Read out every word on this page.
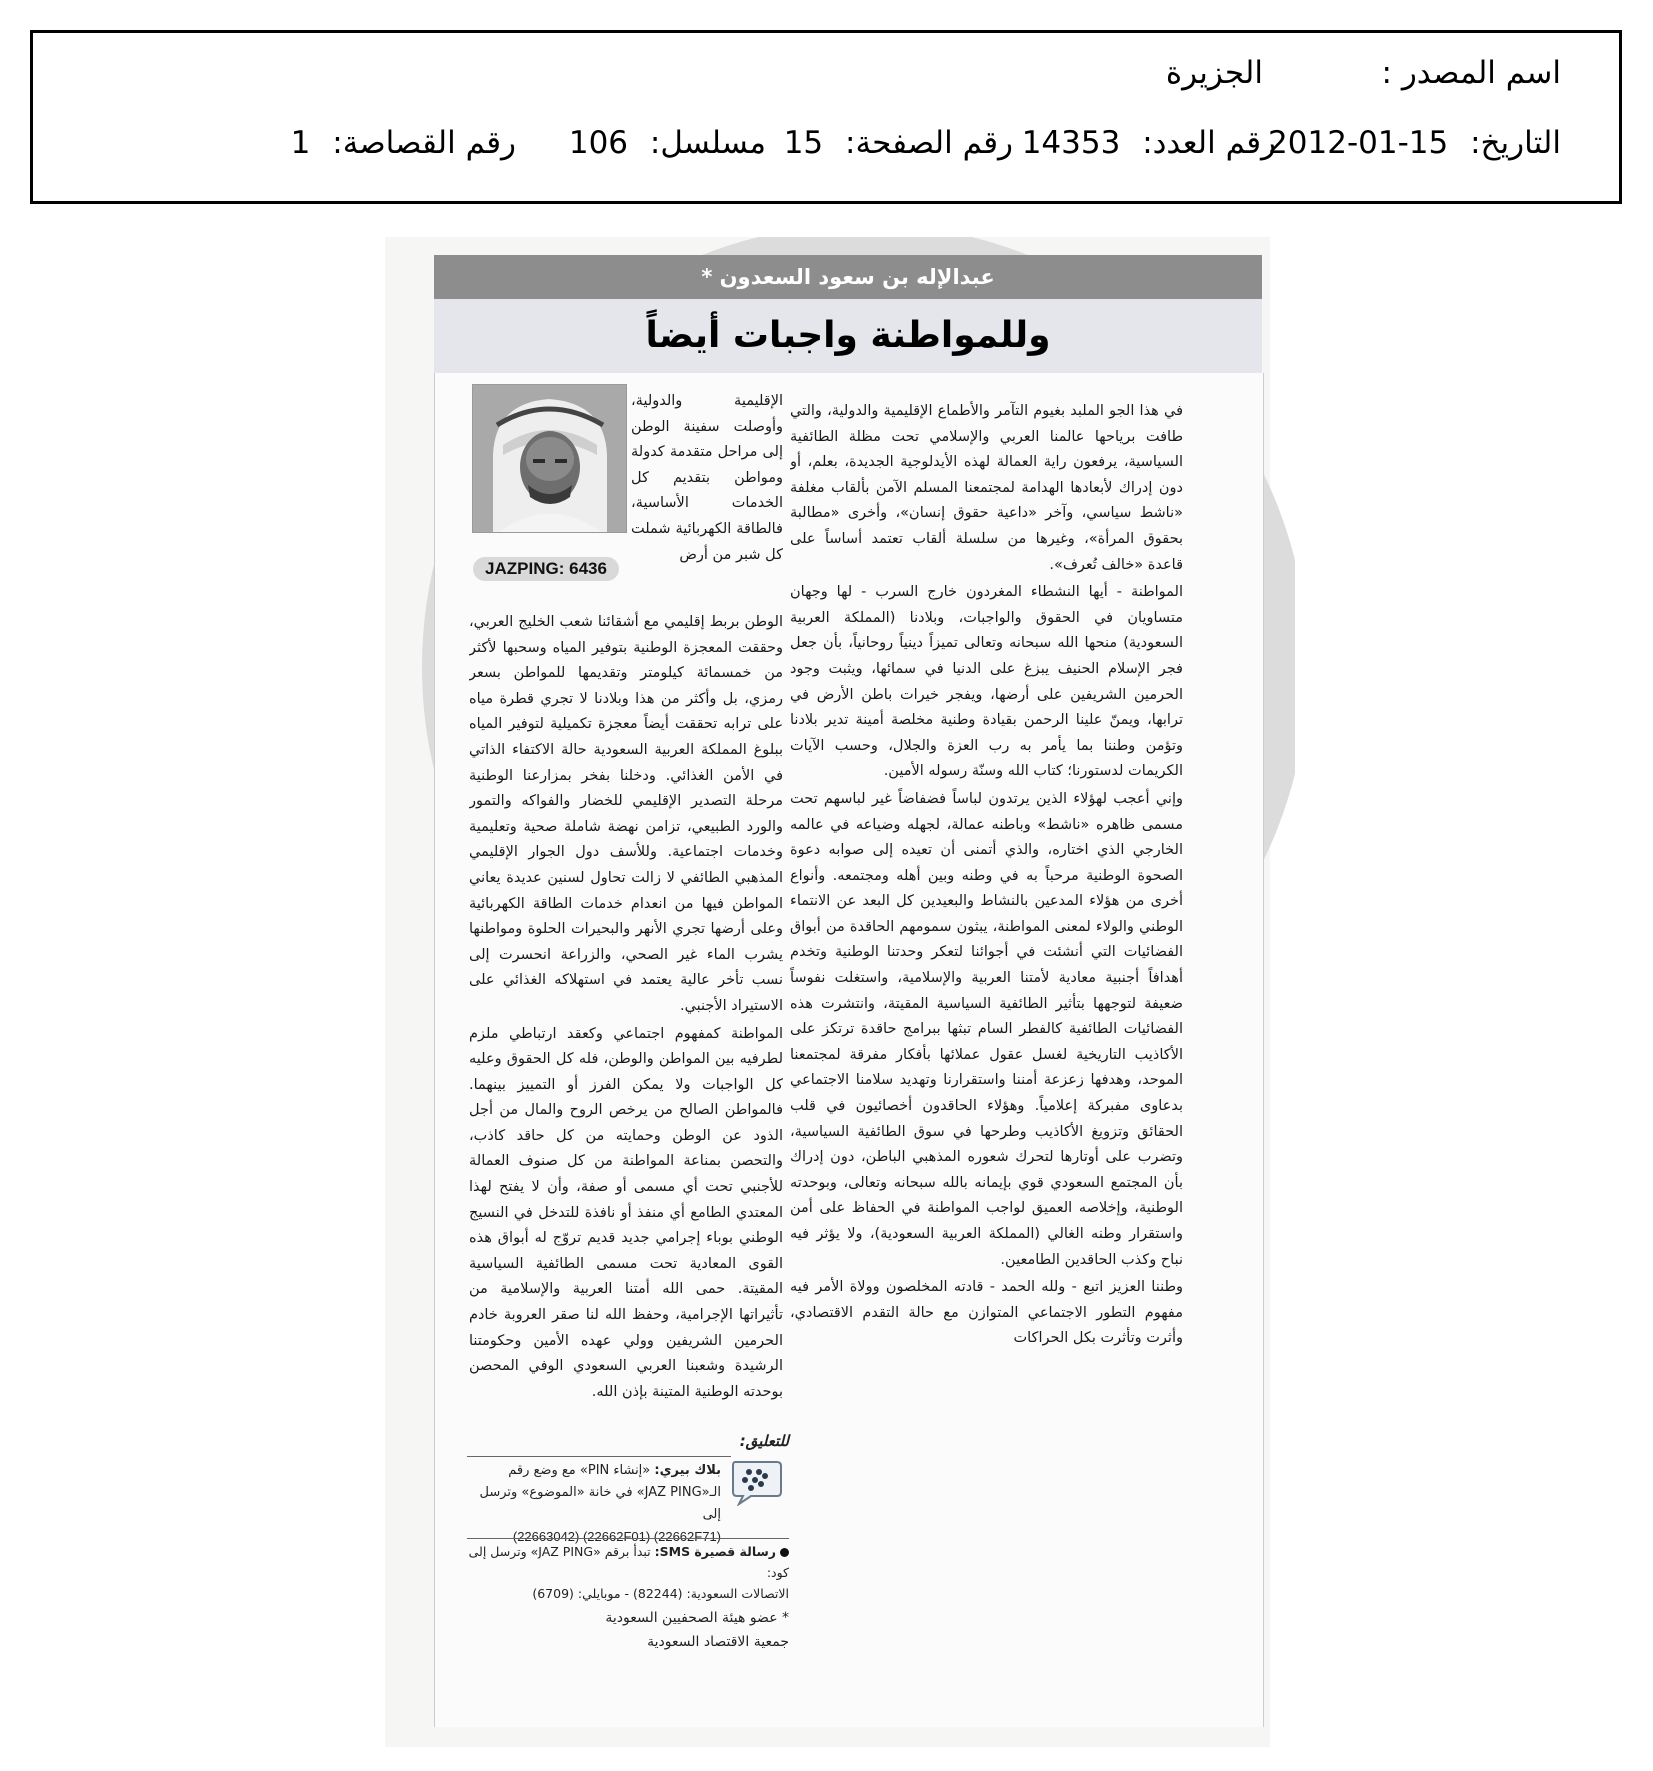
اسم المصدر :
الجزيرة
التاريخ: 2012-01-15
رقم العدد: 14353
رقم الصفحة: 15
مسلسل: 106
رقم القصاصة: 1
عبدالإله بن سعود السعدون *
وللمواطنة واجبات أيضاً

في هذا الجو الملبد بغيوم التآمر والأطماع الإقليمية والدولية، والتي طافت برياحها عالمنا العربي والإسلامي تحت مظلة الطائفية السياسية، يرفعون راية العمالة لهذه الأيدلوجية الجديدة، بعلم، أو دون إدراك لأبعادها الهدامة لمجتمعنا المسلم الآمن بألقاب مغلفة «ناشط سياسي، وآخر «داعية حقوق إنسان»، وأخرى «مطالبة بحقوق المرأة»، وغيرها من سلسلة ألقاب تعتمد أساساً على قاعدة «خالف تُعرف».

المواطنة - أيها النشطاء المغردون خارج السرب - لها وجهان متساويان في الحقوق والواجبات، وبلادنا (المملكة العربية السعودية) منحها الله سبحانه وتعالى تميزاً دينياً روحانياً، بأن جعل فجر الإسلام الحنيف يبزغ على الدنيا في سمائها، ويثبت وجود الحرمين الشريفين على أرضها، ويفجر خيرات باطن الأرض في ترابها، ويمنّ علينا الرحمن بقيادة وطنية مخلصة أمينة تدير بلادنا وتؤمن وطننا بما يأمر به رب العزة والجلال، وحسب الآيات الكريمات لدستورنا؛ كتاب الله وسنّة رسوله الأمين.

وإني أعجب لهؤلاء الذين يرتدون لباساً فضفاضاً غير لباسهم تحت مسمى ظاهره «ناشط» وباطنه عمالة، لجهله وضياعه في عالمه الخارجي الذي اختاره، والذي أتمنى أن تعيده إلى صوابه دعوة الصحوة الوطنية مرحباً به في وطنه وبين أهله ومجتمعه. وأنواع أخرى من هؤلاء المدعين بالنشاط والبعيدين كل البعد عن الانتماء الوطني والولاء لمعنى المواطنة، يبثون سمومهم الحاقدة من أبواق الفضائيات التي أنشئت في أجوائنا لتعكر وحدتنا الوطنية وتخدم أهدافاً أجنبية معادية لأمتنا العربية والإسلامية، واستغلت نفوساً ضعيفة لتوجهها بتأثير الطائفية السياسية المقيتة، وانتشرت هذه الفضائيات الطائفية كالفطر السام تبثها ببرامج حاقدة ترتكز على الأكاذيب التاريخية لغسل عقول عملائها بأفكار مفرقة لمجتمعنا الموحد، وهدفها زعزعة أمننا واستقرارنا وتهديد سلامنا الاجتماعي بدعاوى مفبركة إعلامياً. وهؤلاء الحاقدون أخصائيون في قلب الحقائق وتزويغ الأكاذيب وطرحها في سوق الطائفية السياسية، وتضرب على أوتارها لتحرك شعوره المذهبي الباطن، دون إدراك بأن المجتمع السعودي قوي بإيمانه بالله سبحانه وتعالى، وبوحدته الوطنية، وإخلاصه العميق لواجب المواطنة في الحفاظ على أمن واستقرار وطنه الغالي (المملكة العربية السعودية)، ولا يؤثر فيه نباح وكذب الحاقدين الطامعين.

وطننا العزيز اتبع - ولله الحمد - قادته المخلصون وولاة الأمر فيه مفهوم التطور الاجتماعي المتوازن مع حالة التقدم الاقتصادي، وأثرت وتأثرت بكل الحراكات

JAZPING: 6436

الإقليمية والدولية، وأوصلت سفينة الوطن إلى مراحل متقدمة كدولة ومواطن بتقديم كل الخدمات الأساسية، فالطاقة الكهربائية شملت كل شبر من أرض

الوطن بربط إقليمي مع أشقائنا شعب الخليج العربي، وحققت المعجزة الوطنية بتوفير المياه وسحبها لأكثر من خمسمائة كيلومتر وتقديمها للمواطن بسعر رمزي، بل وأكثر من هذا وبلادنا لا تجري قطرة مياه على ترابه تحققت أيضاً معجزة تكميلية لتوفير المياه ببلوغ المملكة العربية السعودية حالة الاكتفاء الذاتي في الأمن الغذائي. ودخلنا بفخر بمزارعنا الوطنية مرحلة التصدير الإقليمي للخضار والفواكه والتمور والورد الطبيعي، تزامن نهضة شاملة صحية وتعليمية وخدمات اجتماعية. وللأسف دول الجوار الإقليمي المذهبي الطائفي لا زالت تحاول لسنين عديدة يعاني المواطن فيها من انعدام خدمات الطاقة الكهربائية وعلى أرضها تجري الأنهر والبحيرات الحلوة ومواطنها يشرب الماء غير الصحي، والزراعة انحسرت إلى نسب تأخر عالية يعتمد في استهلاكه الغذائي على الاستيراد الأجنبي.

المواطنة كمفهوم اجتماعي وكعقد ارتباطي ملزم لطرفيه بين المواطن والوطن، فله كل الحقوق وعليه كل الواجبات ولا يمكن الفرز أو التمييز بينهما. فالمواطن الصالح من يرخص الروح والمال من أجل الذود عن الوطن وحمايته من كل حاقد كاذب، والتحصن بمناعة المواطنة من كل صنوف العمالة للأجنبي تحت أي مسمى أو صفة، وأن لا يفتح لهذا المعتدي الطامع أي منفذ أو نافذة للتدخل في النسيج الوطني بوباء إجرامي جديد قديم تروّج له أبواق هذه القوى المعادية تحت مسمى الطائفية السياسية المقيتة. حمى الله أمتنا العربية والإسلامية من تأثيراتها الإجرامية، وحفظ الله لنا صقر العروبة خادم الحرمين الشريفين وولي عهده الأمين وحكومتنا الرشيدة وشعبنا العربي السعودي الوفي المحصن بوحدته الوطنية المتينة بإذن الله.

للتعليق:
بلاك بيري: «إنشاء PIN» مع وضع رقم الـ«JAZ PING» في خانة «الموضوع» وترسل إلى
(22663042) (22662F01) (22662F71)
رسالة قصيرة SMS: تبدأ برقم «JAZ PING» وترسل إلى كود:
الاتصالات السعودية: (82244) - موبايلي: (6709)
* عضو هيئة الصحفيين السعودية
جمعية الاقتصاد السعودية
